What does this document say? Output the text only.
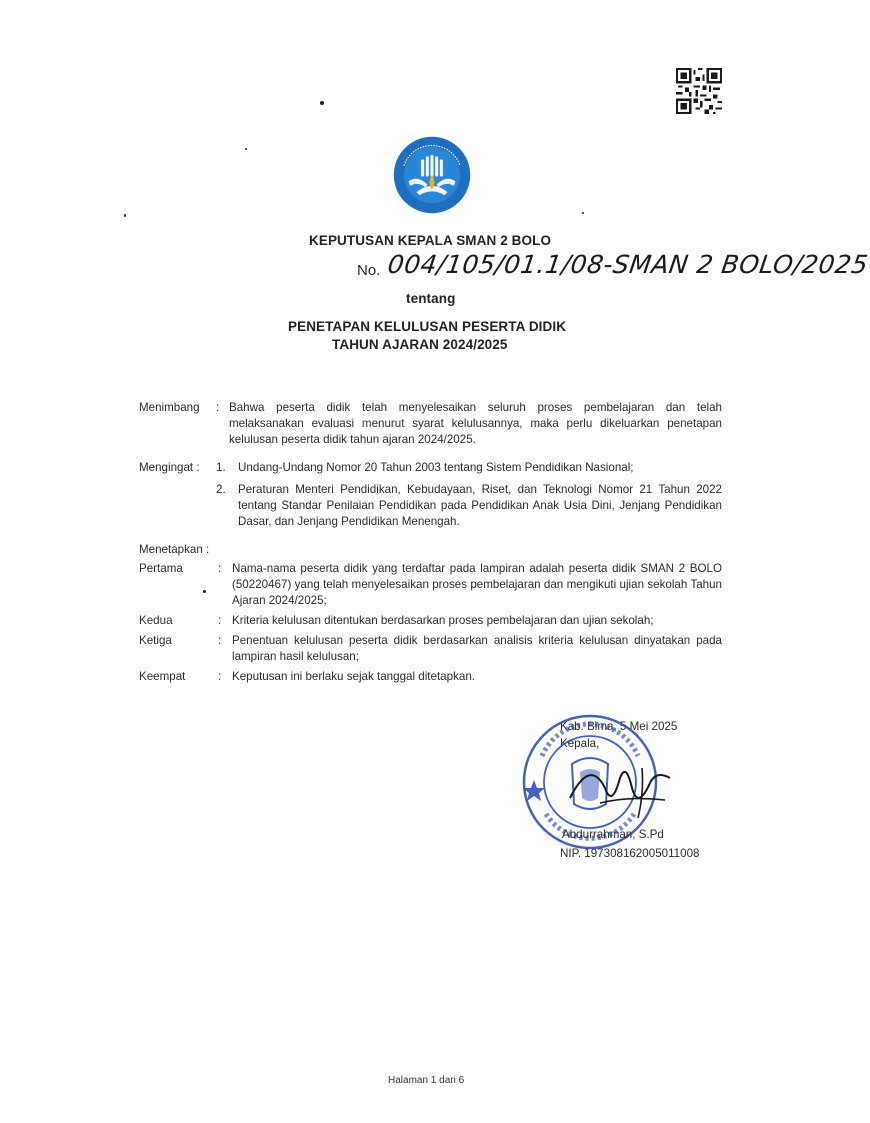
KEPUTUSAN KEPALA SMAN 2 BOLO
No. 004/105/01.1/08-SMAN 2 BOLO/2025
tentang
PENETAPAN KELULUSAN PESERTA DIDIK
TAHUN AJARAN 2024/2025
Menimbang : Bahwa peserta didik telah menyelesaikan seluruh proses pembelajaran dan telah melaksanakan evaluasi menurut syarat kelulusannya, maka perlu dikeluarkan penetapan kelulusan peserta didik tahun ajaran 2024/2025.
Mengingat : 1. Undang-Undang Nomor 20 Tahun 2003 tentang Sistem Pendidikan Nasional;
2. Peraturan Menteri Pendidikan, Kebudayaan, Riset, dan Teknologi Nomor 21 Tahun 2022 tentang Standar Penilaian Pendidikan pada Pendidikan Anak Usia Dini, Jenjang Pendidikan Dasar, dan Jenjang Pendidikan Menengah.
Menetapkan :
Pertama	: Nama-nama peserta didik yang terdaftar pada lampiran adalah peserta didik SMAN 2 BOLO (50220467) yang telah menyelesaikan proses pembelajaran dan mengikuti ujian sekolah Tahun Ajaran 2024/2025;
Kedua	: Kriteria kelulusan ditentukan berdasarkan proses pembelajaran dan ujian sekolah;
Ketiga	: Penentuan kelulusan peserta didik berdasarkan analisis kriteria kelulusan dinyatakan pada lampiran hasil kelulusan;
Keempat	: Keputusan ini berlaku sejak tanggal ditetapkan.
Kab. Bima, 5 Mei 2025
Kepala,
Abdurrahman, S.Pd
NIP. 197308162005011008
Halaman 1 dari 6
